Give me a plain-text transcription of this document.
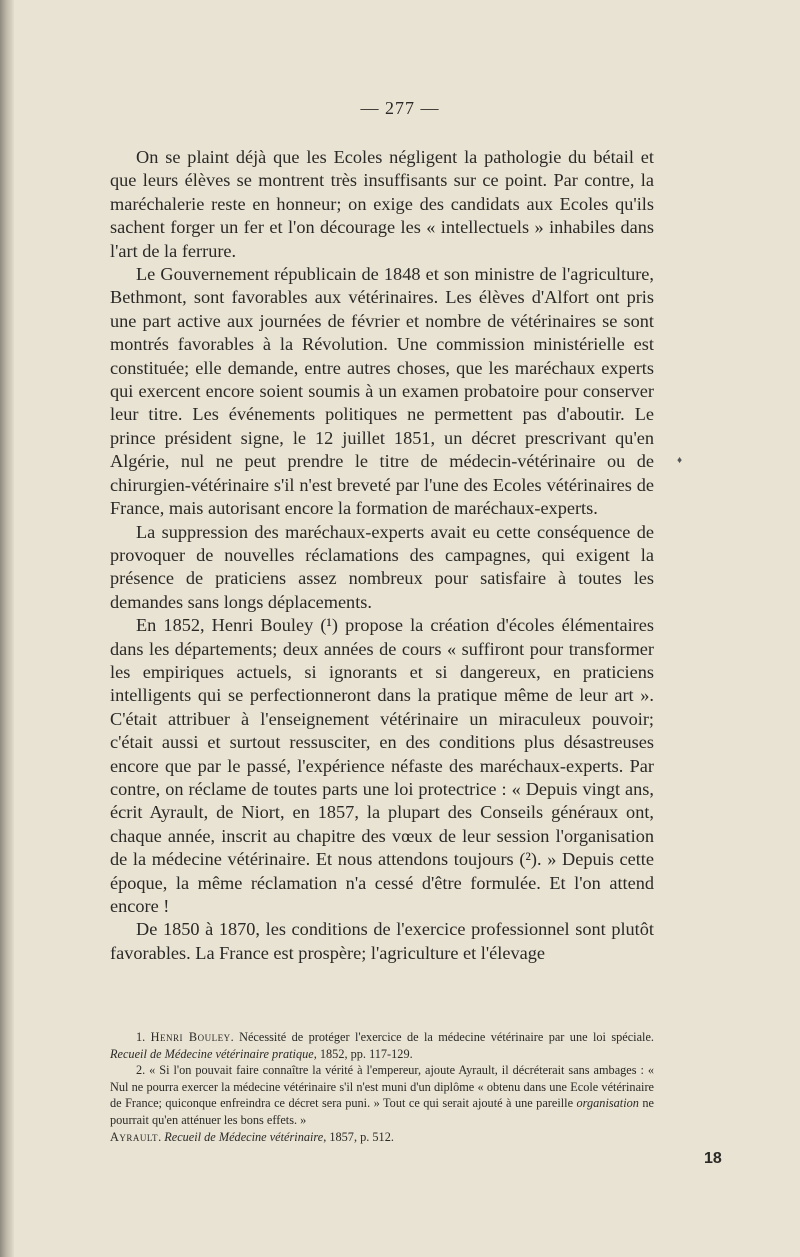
— 277 —

On se plaint déjà que les Ecoles négligent la pathologie du bétail et que leurs élèves se montrent très insuffisants sur ce point. Par contre, la maréchalerie reste en honneur; on exige des candidats aux Ecoles qu'ils sachent forger un fer et l'on décourage les « intellectuels » inhabiles dans l'art de la ferrure.

Le Gouvernement républicain de 1848 et son ministre de l'agriculture, Bethmont, sont favorables aux vétérinaires. Les élèves d'Alfort ont pris une part active aux journées de février et nombre de vétérinaires se sont montrés favorables à la Révolution. Une commission ministérielle est constituée; elle demande, entre autres choses, que les maréchaux experts qui exercent encore soient soumis à un examen probatoire pour conserver leur titre. Les événements politiques ne permettent pas d'aboutir. Le prince président signe, le 12 juillet 1851, un décret prescrivant qu'en Algérie, nul ne peut prendre le titre de médecin-vétérinaire ou de chirurgien-vétérinaire s'il n'est breveté par l'une des Ecoles vétérinaires de France, mais autorisant encore la formation de maréchaux-experts.

La suppression des maréchaux-experts avait eu cette conséquence de provoquer de nouvelles réclamations des campagnes, qui exigent la présence de praticiens assez nombreux pour satisfaire à toutes les demandes sans longs déplacements.

En 1852, Henri Bouley (¹) propose la création d'écoles élémentaires dans les départements; deux années de cours « suffiront pour transformer les empiriques actuels, si ignorants et si dangereux, en praticiens intelligents qui se perfectionneront dans la pratique même de leur art ». C'était attribuer à l'enseignement vétérinaire un miraculeux pouvoir; c'était aussi et surtout ressusciter, en des conditions plus désastreuses encore que par le passé, l'expérience néfaste des maréchaux-experts. Par contre, on réclame de toutes parts une loi protectrice : « Depuis vingt ans, écrit Ayrault, de Niort, en 1857, la plupart des Conseils généraux ont, chaque année, inscrit au chapitre des vœux de leur session l'organisation de la médecine vétérinaire. Et nous attendons toujours (²). » Depuis cette époque, la même réclamation n'a cessé d'être formulée. Et l'on attend encore !

De 1850 à 1870, les conditions de l'exercice professionnel sont plutôt favorables. La France est prospère; l'agriculture et l'élevage

♦

1. Henri Bouley. Nécessité de protéger l'exercice de la médecine vétérinaire par une loi spéciale. Recueil de Médecine vétérinaire pratique, 1852, pp. 117-129.

2. « Si l'on pouvait faire connaître la vérité à l'empereur, ajoute Ayrault, il décréterait sans ambages : « Nul ne pourra exercer la médecine vétérinaire s'il n'est muni d'un diplôme « obtenu dans une Ecole vétérinaire de France; quiconque enfreindra ce décret sera puni. » Tout ce qui serait ajouté à une pareille organisation ne pourrait qu'en atténuer les bons effets. »
Ayrault. Recueil de Médecine vétérinaire, 1857, p. 512.

18
